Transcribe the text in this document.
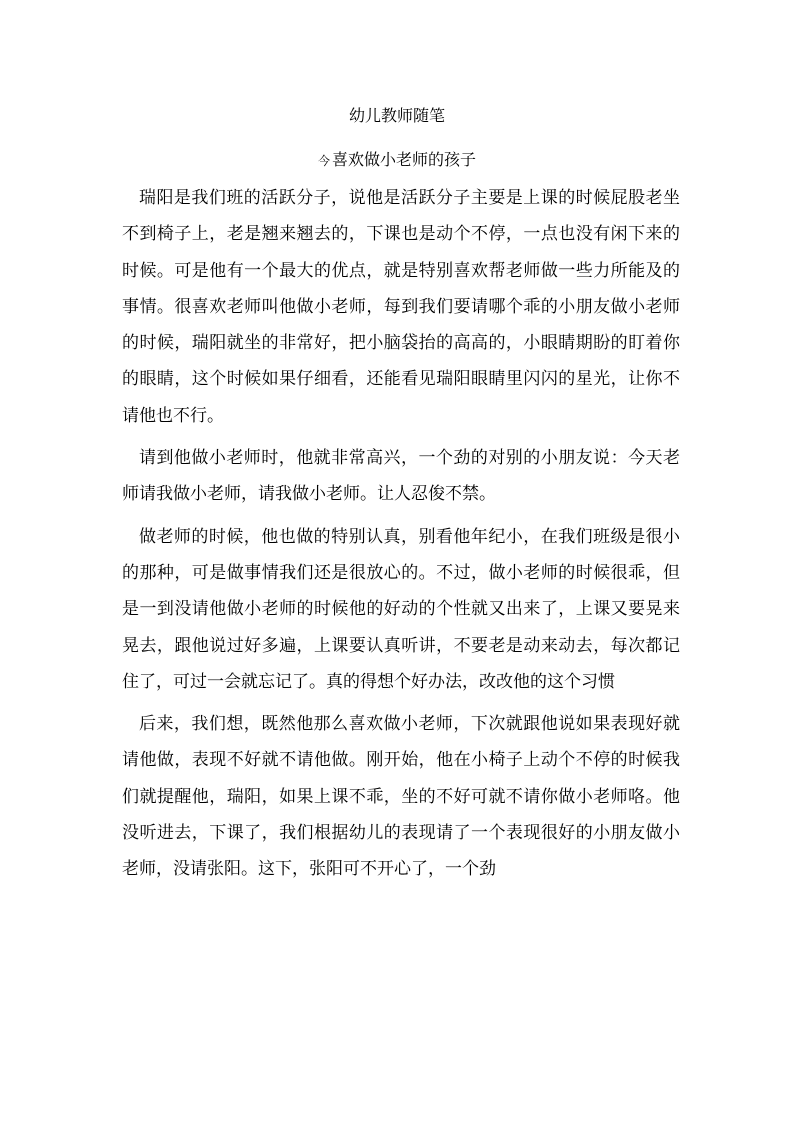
幼儿教师随笔
今 喜欢做小老师的孩子

瑞阳是我们班的活跃分子，说他是活跃分子主要是上课的时候屁股老坐不到椅子上，老是翘来翘去的，下课也是动个不停，一点也没有闲下来的时候。可是他有一个最大的优点，就是特别喜欢帮老师做一些力所能及的事情。很喜欢老师叫他做小老师，每到我们要请哪个乖的小朋友做小老师的时候，瑞阳就坐的非常好，把小脑袋抬的高高的，小眼睛期盼的盯着你的眼睛，这个时候如果仔细看，还能看见瑞阳眼睛里闪闪的星光，让你不请他也不行。

请到他做小老师时，他就非常高兴，一个劲的对别的小朋友说：今天老师请我做小老师，请我做小老师。让人忍俊不禁。

做老师的时候，他也做的特别认真，别看他年纪小，在我们班级是很小的那种，可是做事情我们还是很放心的。不过，做小老师的时候很乖，但是一到没请他做小老师的时候他的好动的个性就又出来了，上课又要晃来晃去，跟他说过好多遍，上课要认真听讲，不要老是动来动去，每次都记住了，可过一会就忘记了。真的得想个好办法，改改他的这个习惯

后来，我们想，既然他那么喜欢做小老师，下次就跟他说如果表现好就请他做，表现不好就不请他做。刚开始，他在小椅子上动个不停的时候我们就提醒他，瑞阳，如果上课不乖，坐的不好可就不请你做小老师咯。他没听进去，下课了，我们根据幼儿的表现请了一个表现很好的小朋友做小老师，没请张阳。这下，张阳可不开心了，一个劲
